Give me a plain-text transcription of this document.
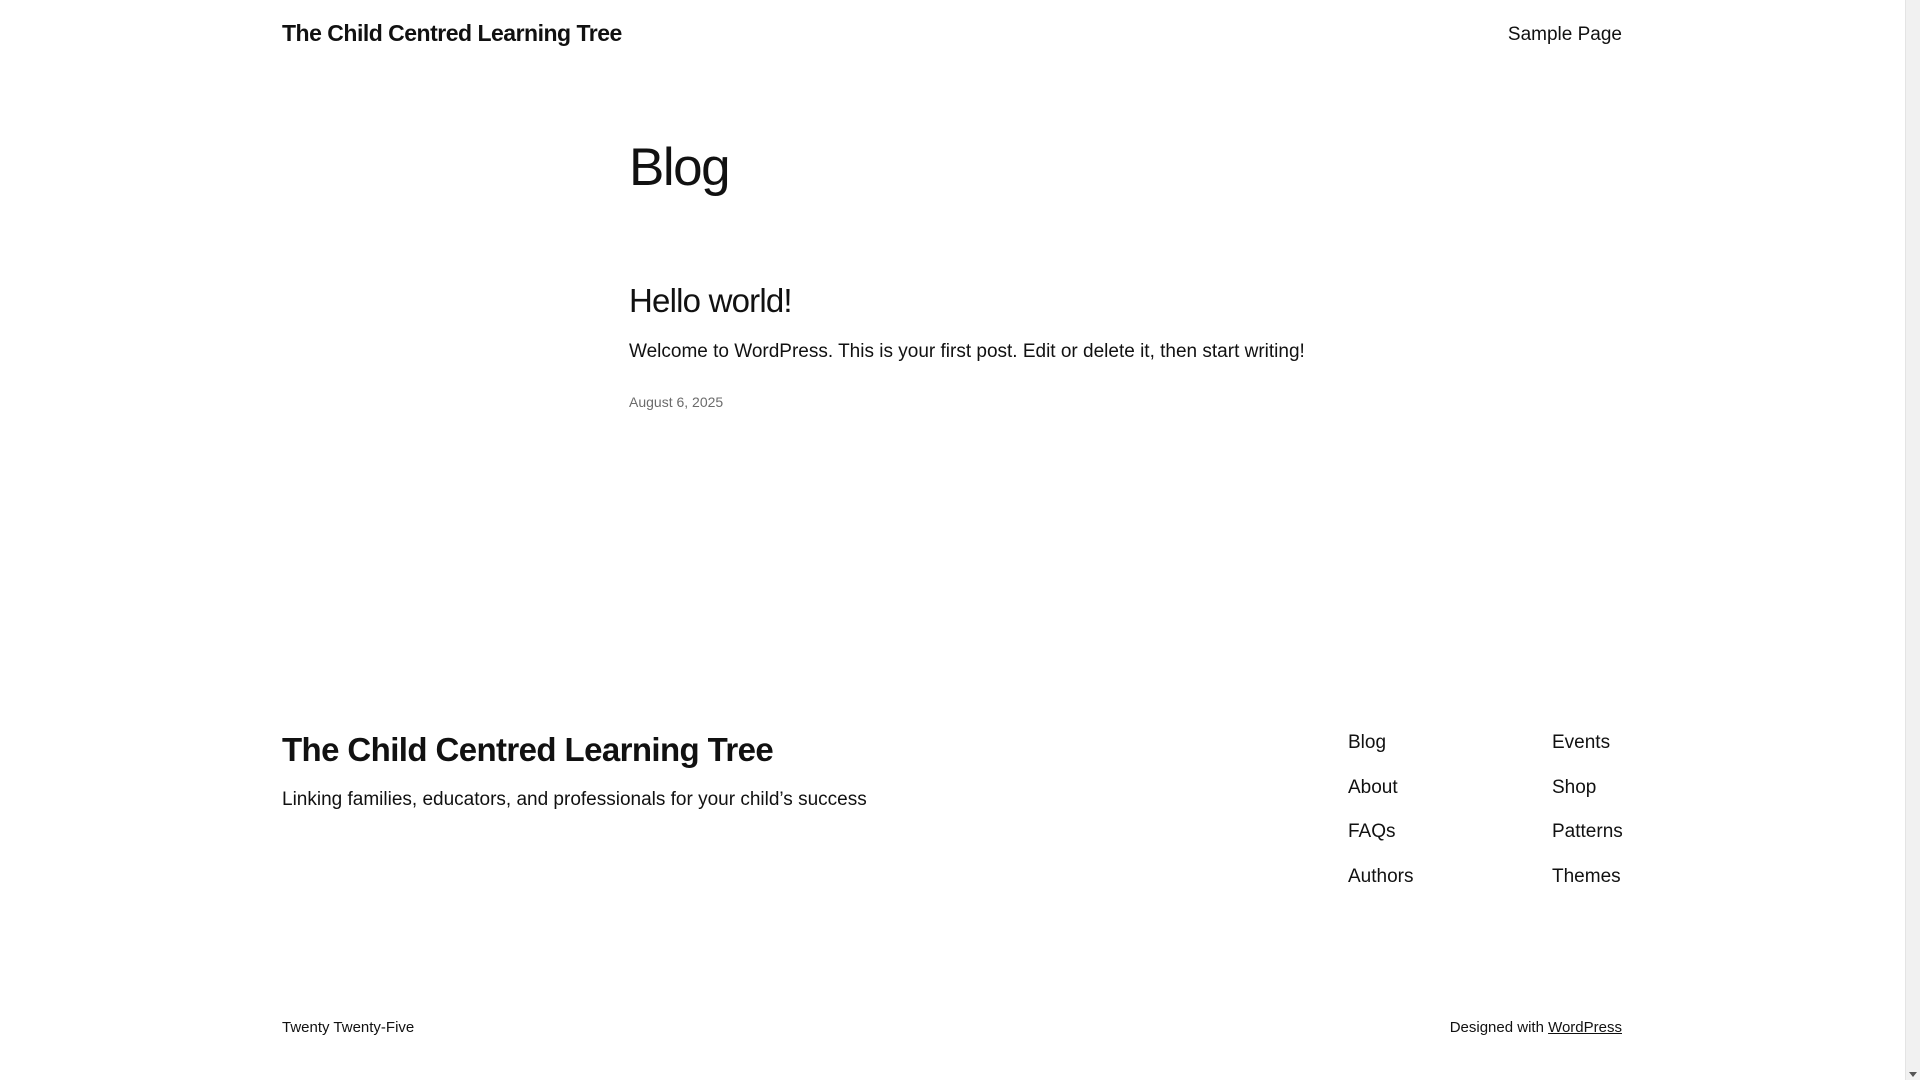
The Child Centred Learning Tree	Sample Page
Blog
Hello world!

Welcome to WordPress. This is your first post. Edit or delete it, then start writing!

August 6, 2025
The Child Centred Learning Tree

Linking families, educators, and professionals for your child’s success

Blog
About
FAQs
Authors
Events
Shop
Patterns
Themes
Twenty Twenty-Five	Designed with WordPress
